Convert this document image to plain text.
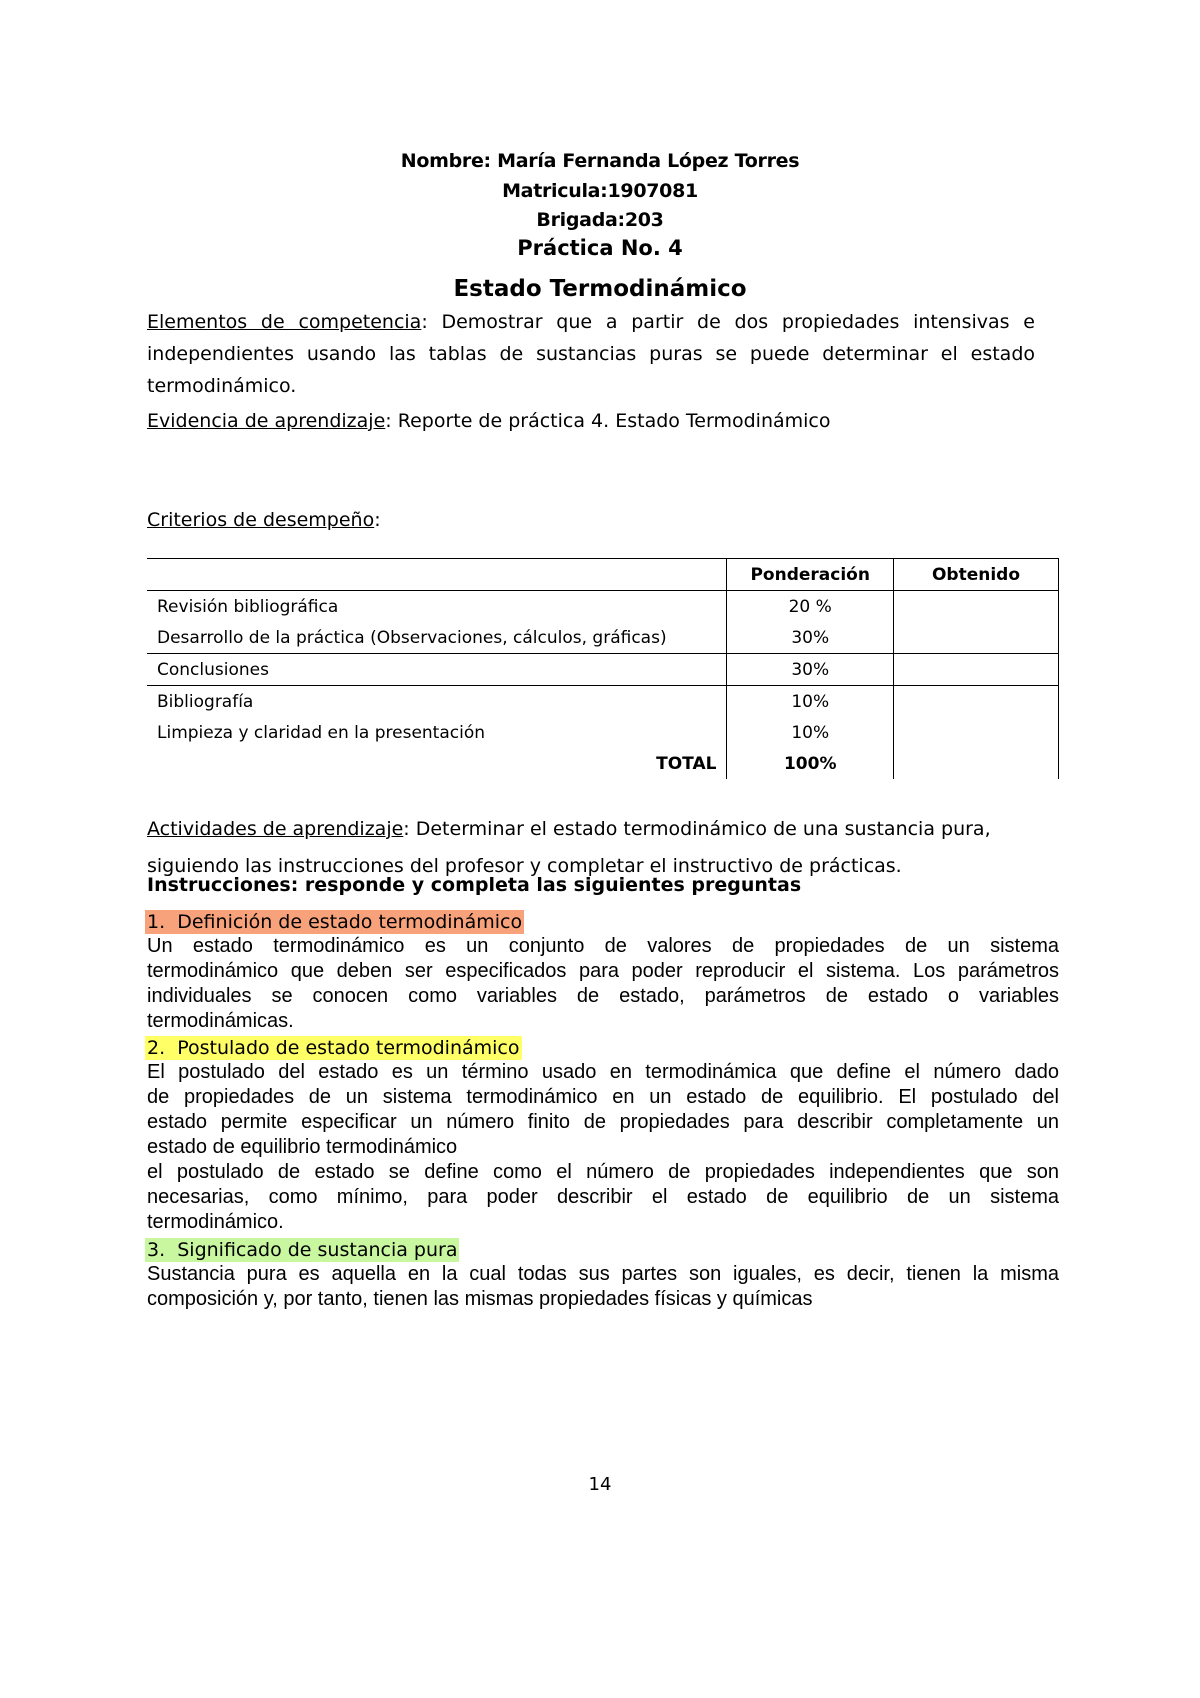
Nombre: María Fernanda López Torres
Matricula:1907081
Brigada:203
Práctica No. 4
Estado Termodinámico
Elementos de competencia: Demostrar que a partir de dos propiedades intensivas e
independientes usando las tablas de sustancias puras se puede determinar el estado
termodinámico.
Evidencia de aprendizaje: Reporte de práctica 4. Estado Termodinámico
Criterios de desempeño:
	Ponderación	Obtenido
Revisión bibliográfica	20 %	
Desarrollo de la práctica (Observaciones, cálculos, gráficas)	30%	
Conclusiones	30%	
Bibliografía	10%	
Limpieza y claridad en la presentación	10%	
TOTAL	100%	
Actividades de aprendizaje: Determinar el estado termodinámico de una sustancia pura,
siguiendo las instrucciones del profesor y completar el instructivo de prácticas.
Instrucciones: responde y completa las siguientes preguntas
1. Definición de estado termodinámico
Un estado termodinámico es un conjunto de valores de propiedades de un sistema
termodinámico que deben ser especificados para poder reproducir el sistema. Los parámetros
individuales se conocen como variables de estado, parámetros de estado o variables
termodinámicas.
2. Postulado de estado termodinámico
El postulado del estado es un término usado en termodinámica que define el número dado
de propiedades de un sistema termodinámico en un estado de equilibrio. El postulado del
estado permite especificar un número finito de propiedades para describir completamente un
estado de equilibrio termodinámico
el postulado de estado se define como el número de propiedades independientes que son
necesarias, como mínimo, para poder describir el estado de equilibrio de un sistema
termodinámico.
3. Significado de sustancia pura
Sustancia pura es aquella en la cual todas sus partes son iguales, es decir, tienen la misma
composición y, por tanto, tienen las mismas propiedades físicas y químicas
14
